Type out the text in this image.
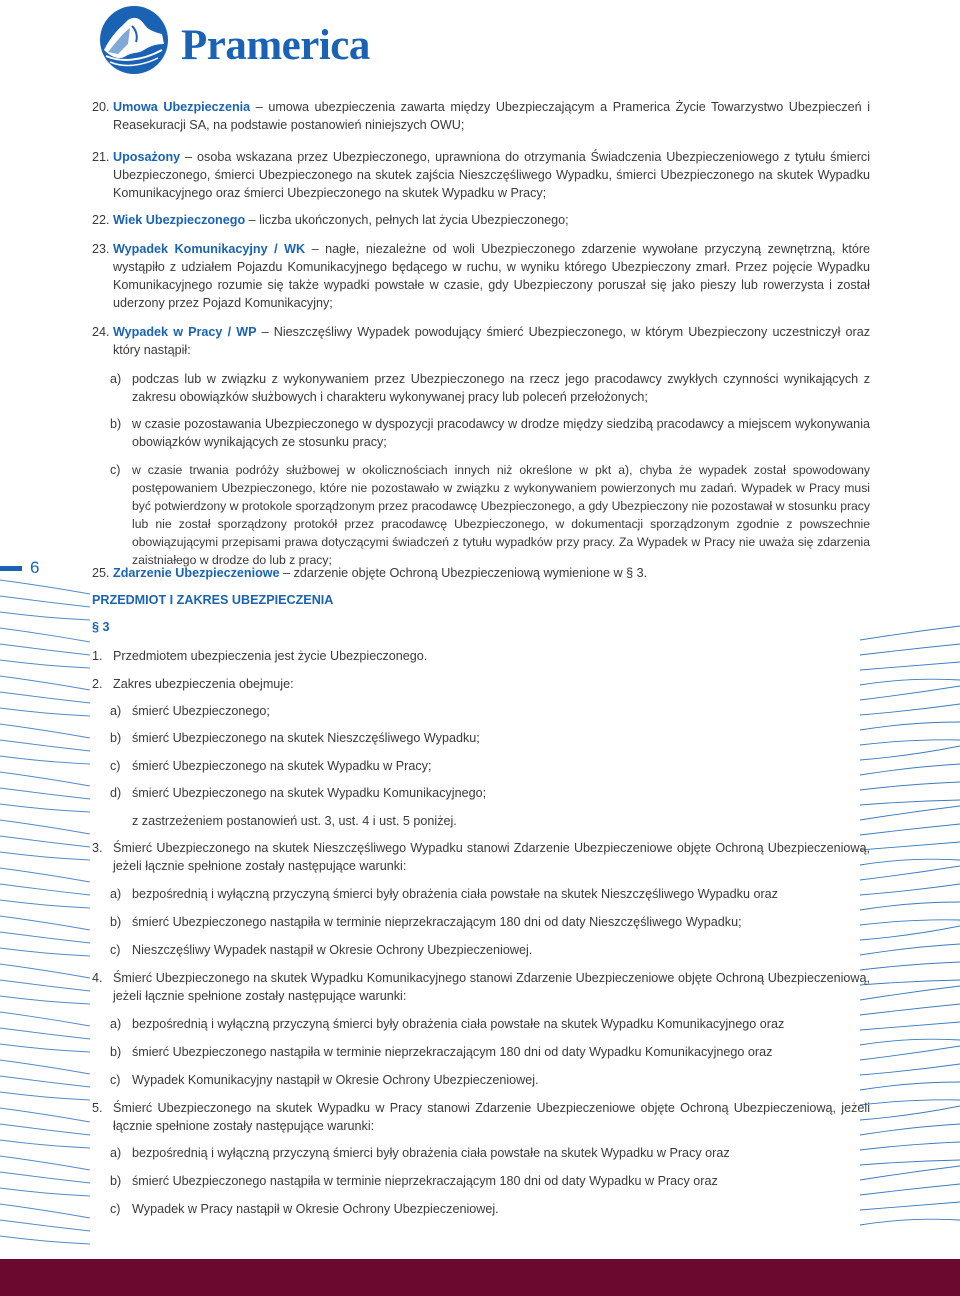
Pramerica
6
20. Umowa Ubezpieczenia – umowa ubezpieczenia zawarta między Ubezpieczającym a Pramerica Życie Towarzystwo Ubezpieczeń i Reasekuracji SA, na podstawie postanowień niniejszych OWU;
21. Uposażony – osoba wskazana przez Ubezpieczonego, uprawniona do otrzymania Świadczenia Ubezpieczeniowego z tytułu śmierci Ubezpieczonego, śmierci Ubezpieczonego na skutek zajścia Nieszczęśliwego Wypadku, śmierci Ubezpieczonego na skutek Wypadku Komunikacyjnego oraz śmierci Ubezpieczonego na skutek Wypadku w Pracy;
22. Wiek Ubezpieczonego – liczba ukończonych, pełnych lat życia Ubezpieczonego;
23. Wypadek Komunikacyjny / WK – nagłe, niezależne od woli Ubezpieczonego zdarzenie wywołane przyczyną zewnętrzną, które wystąpiło z udziałem Pojazdu Komunikacyjnego będącego w ruchu, w wyniku którego Ubezpieczony zmarł. Przez pojęcie Wypadku Komunikacyjnego rozumie się także wypadki powstałe w czasie, gdy Ubezpieczony poruszał się jako pieszy lub rowerzysta i został uderzony przez Pojazd Komunikacyjny;
24. Wypadek w Pracy / WP – Nieszczęśliwy Wypadek powodujący śmierć Ubezpieczonego, w którym Ubezpieczony uczestniczył oraz który nastąpił:
a) podczas lub w związku z wykonywaniem przez Ubezpieczonego na rzecz jego pracodawcy zwykłych czynności wynikających z zakresu obowiązków służbowych i charakteru wykonywanej pracy lub poleceń przełożonych;
b) w czasie pozostawania Ubezpieczonego w dyspozycji pracodawcy w drodze między siedzibą pracodawcy a miejscem wykonywania obowiązków wynikających ze stosunku pracy;
c) w czasie trwania podróży służbowej w okolicznościach innych niż określone w pkt a), chyba że wypadek został spowodowany postępowaniem Ubezpieczonego, które nie pozostawało w związku z wykonywaniem powierzonych mu zadań. Wypadek w Pracy musi być potwierdzony w protokole sporządzonym przez pracodawcę Ubezpieczonego, a gdy Ubezpieczony nie pozostawał w stosunku pracy lub nie został sporządzony protokół przez pracodawcę Ubezpieczonego, w dokumentacji sporządzonym zgodnie z powszechnie obowiązującymi przepisami prawa dotyczącymi świadczeń z tytułu wypadków przy pracy. Za Wypadek w Pracy nie uważa się zdarzenia zaistniałego w drodze do lub z pracy;
25. Zdarzenie Ubezpieczeniowe – zdarzenie objęte Ochroną Ubezpieczeniową wymienione w § 3.
PRZEDMIOT I ZAKRES UBEZPIECZENIA
§ 3
1. Przedmiotem ubezpieczenia jest życie Ubezpieczonego.
2. Zakres ubezpieczenia obejmuje:
a) śmierć Ubezpieczonego;
b) śmierć Ubezpieczonego na skutek Nieszczęśliwego Wypadku;
c) śmierć Ubezpieczonego na skutek Wypadku w Pracy;
d) śmierć Ubezpieczonego na skutek Wypadku Komunikacyjnego;
z zastrzeżeniem postanowień ust. 3, ust. 4 i ust. 5 poniżej.
3. Śmierć Ubezpieczonego na skutek Nieszczęśliwego Wypadku stanowi Zdarzenie Ubezpieczeniowe objęte Ochroną Ubezpieczeniową, jeżeli łącznie spełnione zostały następujące warunki:
a) bezpośrednią i wyłączną przyczyną śmierci były obrażenia ciała powstałe na skutek Nieszczęśliwego Wypadku oraz
b) śmierć Ubezpieczonego nastąpiła w terminie nieprzekraczającym 180 dni od daty Nieszczęśliwego Wypadku;
c) Nieszczęśliwy Wypadek nastąpił w Okresie Ochrony Ubezpieczeniowej.
4. Śmierć Ubezpieczonego na skutek Wypadku Komunikacyjnego stanowi Zdarzenie Ubezpieczeniowe objęte Ochroną Ubezpieczeniową, jeżeli łącznie spełnione zostały następujące warunki:
a) bezpośrednią i wyłączną przyczyną śmierci były obrażenia ciała powstałe na skutek Wypadku Komunikacyjnego oraz
b) śmierć Ubezpieczonego nastąpiła w terminie nieprzekraczającym 180 dni od daty Wypadku Komunikacyjnego oraz
c) Wypadek Komunikacyjny nastąpił w Okresie Ochrony Ubezpieczeniowej.
5. Śmierć Ubezpieczonego na skutek Wypadku w Pracy stanowi Zdarzenie Ubezpieczeniowe objęte Ochroną Ubezpieczeniową, jeżeli łącznie spełnione zostały następujące warunki:
a) bezpośrednią i wyłączną przyczyną śmierci były obrażenia ciała powstałe na skutek Wypadku w Pracy oraz
b) śmierć Ubezpieczonego nastąpiła w terminie nieprzekraczającym 180 dni od daty Wypadku w Pracy oraz
c) Wypadek w Pracy nastąpił w Okresie Ochrony Ubezpieczeniowej.
